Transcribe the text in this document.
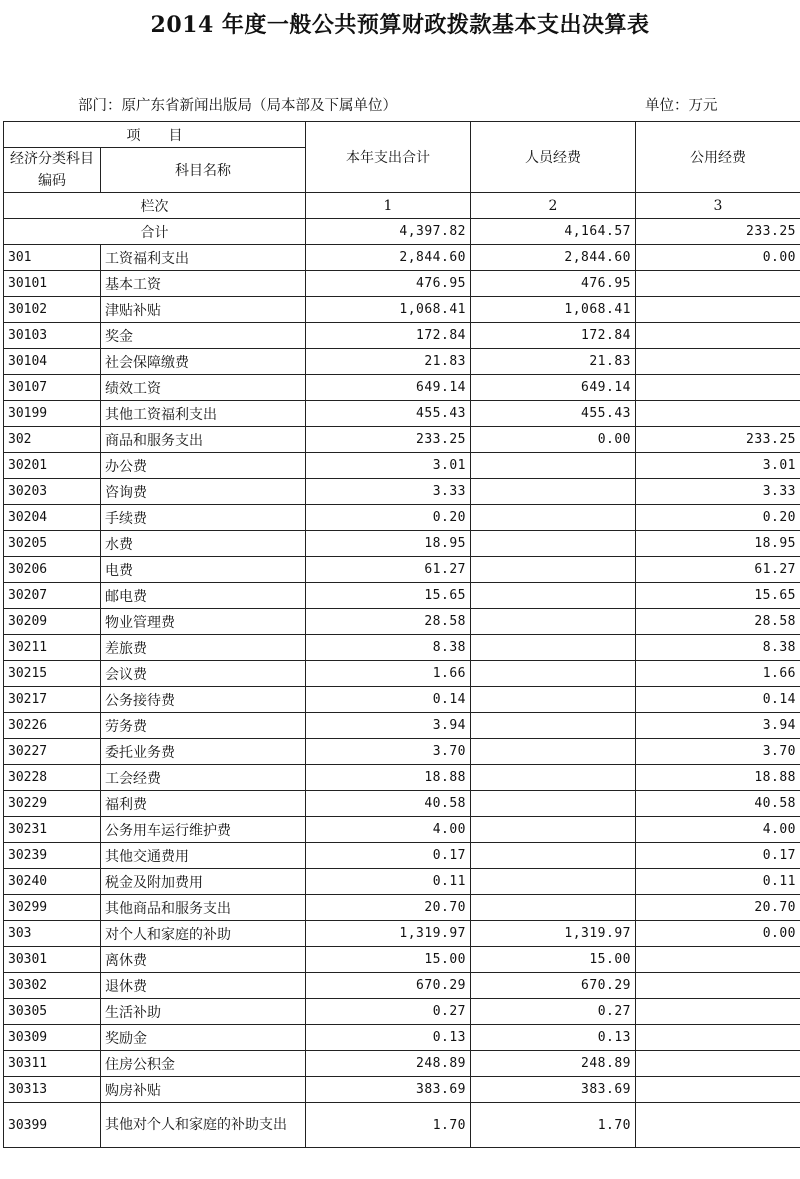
2014 年度一般公共预算财政拨款基本支出决算表
部门：原广东省新闻出版局（局本部及下属单位）	单位：万元
项　　目		本年支出合计	人员经费	公用经费
经济分类科目编码	科目名称			
栏次		1	2	3
合计		4,397.82	4,164.57	233.25
301	工资福利支出	2,844.60	2,844.60	0.00
30101	基本工资	476.95	476.95	
30102	津贴补贴	1,068.41	1,068.41	
30103	奖金	172.84	172.84	
30104	社会保障缴费	21.83	21.83	
30107	绩效工资	649.14	649.14	
30199	其他工资福利支出	455.43	455.43	
302	商品和服务支出	233.25	0.00	233.25
30201	办公费	3.01		3.01
30203	咨询费	3.33		3.33
30204	手续费	0.20		0.20
30205	水费	18.95		18.95
30206	电费	61.27		61.27
30207	邮电费	15.65		15.65
30209	物业管理费	28.58		28.58
30211	差旅费	8.38		8.38
30215	会议费	1.66		1.66
30217	公务接待费	0.14		0.14
30226	劳务费	3.94		3.94
30227	委托业务费	3.70		3.70
30228	工会经费	18.88		18.88
30229	福利费	40.58		40.58
30231	公务用车运行维护费	4.00		4.00
30239	其他交通费用	0.17		0.17
30240	税金及附加费用	0.11		0.11
30299	其他商品和服务支出	20.70		20.70
303	对个人和家庭的补助	1,319.97	1,319.97	0.00
30301	离休费	15.00	15.00	
30302	退休费	670.29	670.29	
30305	生活补助	0.27	0.27	
30309	奖励金	0.13	0.13	
30311	住房公积金	248.89	248.89	
30313	购房补贴	383.69	383.69	
30399	其他对个人和家庭的补助支出	1.70	1.70	
